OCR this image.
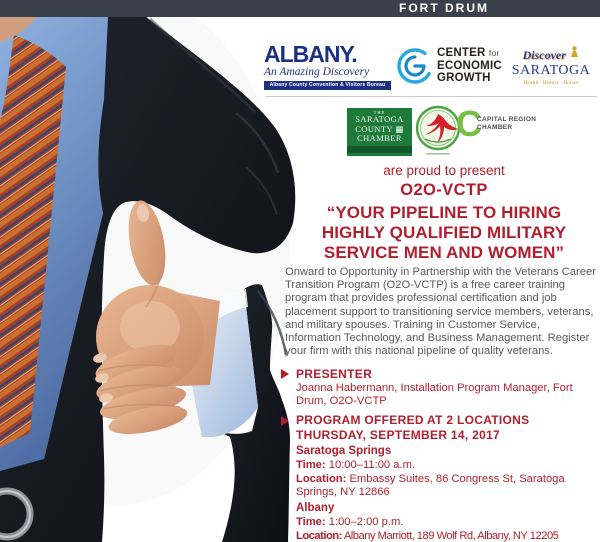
FORT DRUM
ALBANY.
An Amazing Discovery
Albany County Convention & Visitors Bureau
CENTER for
ECONOMIC
GROWTH
Discover
SARATOGA
Health · History · Horses
THE
SARATOGA
COUNTY ▦
CHAMBER C
CAPITAL REGION
CHAMBER
are proud to present
O2O-VCTP
“YOUR PIPELINE TO HIRING
HIGHLY QUALIFIED MILITARY
SERVICE MEN AND WOMEN”
Onward to Opportunity in Partnership with the Veterans Career Transition Program (O2O-VCTP) is a free career training program that provides professional certification and job placement support to transitioning service members, veterans, and military spouses. Training in Customer Service, Information Technology, and Business Management. Register your firm with this national pipeline of quality veterans.
PRESENTER
Joanna Habermann, Installation Program Manager, Fort Drum, O2O-VCTP
PROGRAM OFFERED AT 2 LOCATIONS THURSDAY, SEPTEMBER 14, 2017
Saratoga Springs
Time: 10:00–11:00 a.m.
Location: Embassy Suites, 86 Congress St, Saratoga Springs, NY 12866
Albany
Time: 1:00–2:00 p.m.
Location: Albany Marriott, 189 Wolf Rd, Albany, NY 12205
